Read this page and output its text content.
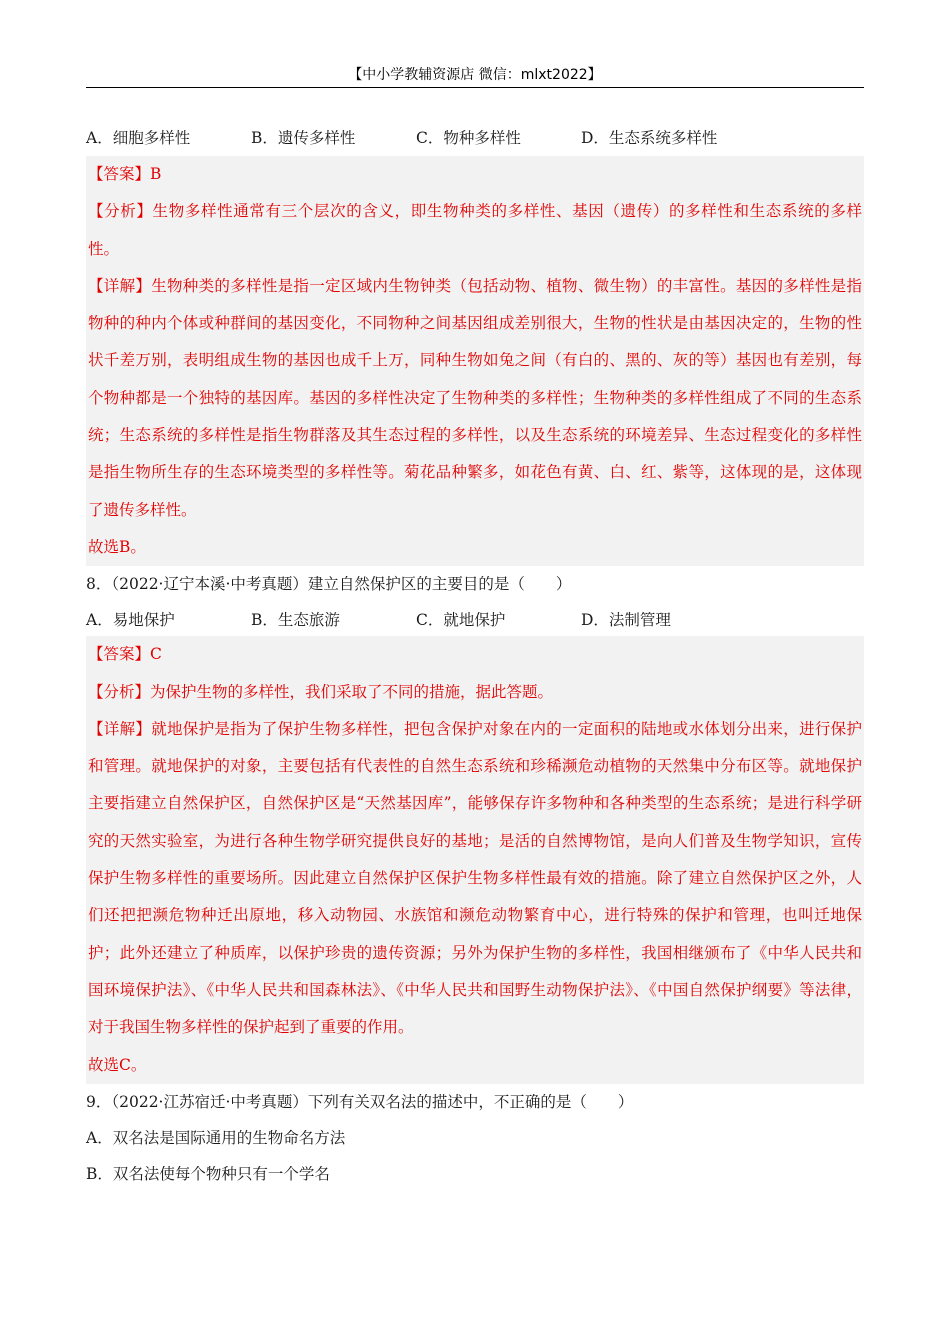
【中小学教辅资源店 微信：mlxt2022】
A．细胞多样性	B．遗传多样性	C．物种多样性	D．生态系统多样性

【答案】B

【分析】生物多样性通常有三个层次的含义，即生物种类的多样性、基因（遗传）的多样性和生态系统的多样性。

【详解】生物种类的多样性是指一定区域内生物钟类（包括动物、植物、微生物）的丰富性。基因的多样性是指物种的种内个体或种群间的基因变化，不同物种之间基因组成差别很大，生物的性状是由基因决定的，生物的性状千差万别，表明组成生物的基因也成千上万，同种生物如兔之间（有白的、黑的、灰的等）基因也有差别，每个物种都是一个独特的基因库。基因的多样性决定了生物种类的多样性；生物种类的多样性组成了不同的生态系统；生态系统的多样性是指生物群落及其生态过程的多样性，以及生态系统的环境差异、生态过程变化的多样性是指生物所生存的生态环境类型的多样性等。菊花品种繁多，如花色有黄、白、红、紫等，这体现的是，这体现了遗传多样性。

故选B。

8．（2022·辽宁本溪·中考真题）建立自然保护区的主要目的是（　　）
A．易地保护	B．生态旅游	C．就地保护	D．法制管理

【答案】C

【分析】为保护生物的多样性，我们采取了不同的措施，据此答题。

【详解】就地保护是指为了保护生物多样性，把包含保护对象在内的一定面积的陆地或水体划分出来，进行保护和管理。就地保护的对象，主要包括有代表性的自然生态系统和珍稀濒危动植物的天然集中分布区等。就地保护主要指建立自然保护区，自然保护区是“天然基因库”，能够保存许多物种和各种类型的生态系统；是进行科学研究的天然实验室，为进行各种生物学研究提供良好的基地；是活的自然博物馆，是向人们普及生物学知识，宣传保护生物多样性的重要场所。因此建立自然保护区保护生物多样性最有效的措施。除了建立自然保护区之外，人们还把把濒危物种迁出原地，移入动物园、水族馆和濒危动物繁育中心，进行特殊的保护和管理，也叫迁地保护；此外还建立了种质库，以保护珍贵的遗传资源；另外为保护生物的多样性，我国相继颁布了《中华人民共和国环境保护法》、《中华人民共和国森林法》、《中华人民共和国野生动物保护法》、《中国自然保护纲要》等法律，对于我国生物多样性的保护起到了重要的作用。

故选C。

9．（2022·江苏宿迁·中考真题）下列有关双名法的描述中，不正确的是（　　）
A．双名法是国际通用的生物命名方法
B．双名法使每个物种只有一个学名
